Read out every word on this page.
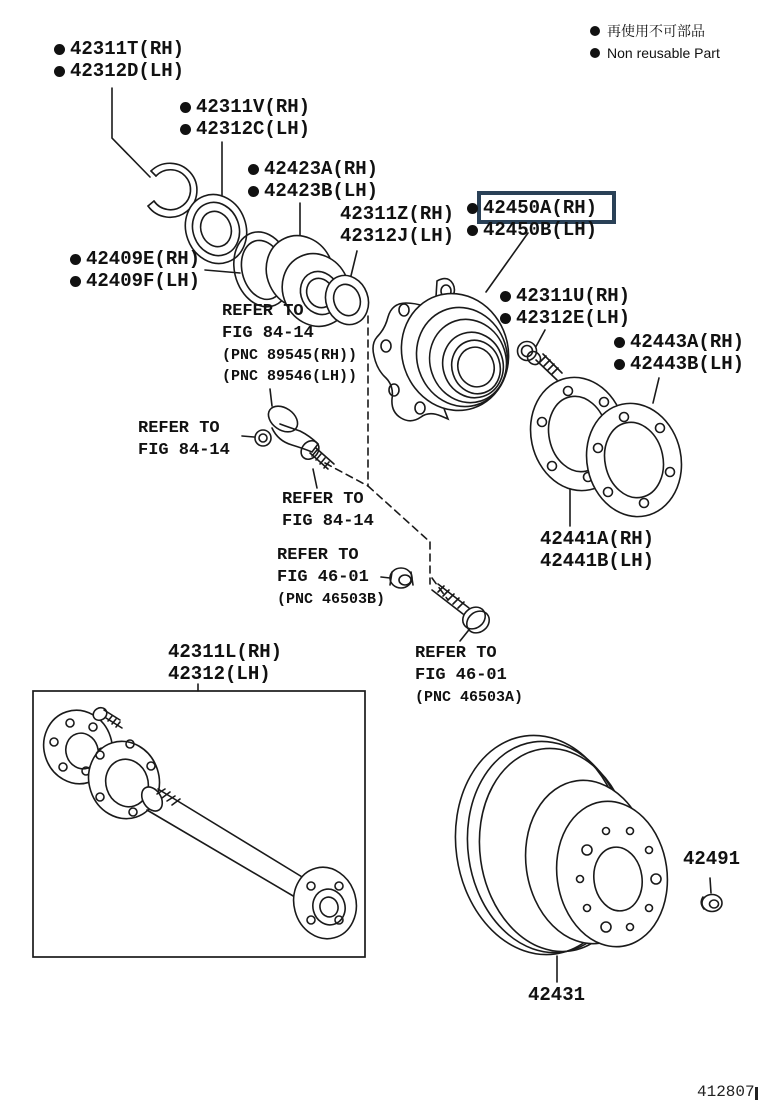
再使用不可部品
Non reusable Part
42311T(RH)
42312D(LH)
42311V(RH)
42312C(LH)
42423A(RH)
42423B(LH)
42311Z(RH)
42312J(LH)
42450A(RH)
42450B(LH)
42409E(RH)
42409F(LH)
42311U(RH)
42312E(LH)
42443A(RH)
42443B(LH)
42441A(RH)
42441B(LH)
42311L(RH)
42312(LH)
42491
42431
REFER TO
FIG 84-14
(PNC 89545(RH))
(PNC 89546(LH))
REFER TO
FIG 84-14
REFER TO
FIG 84-14
REFER TO
FIG 46-01
(PNC 46503B)
REFER TO
FIG 46-01
(PNC 46503A)
412807
